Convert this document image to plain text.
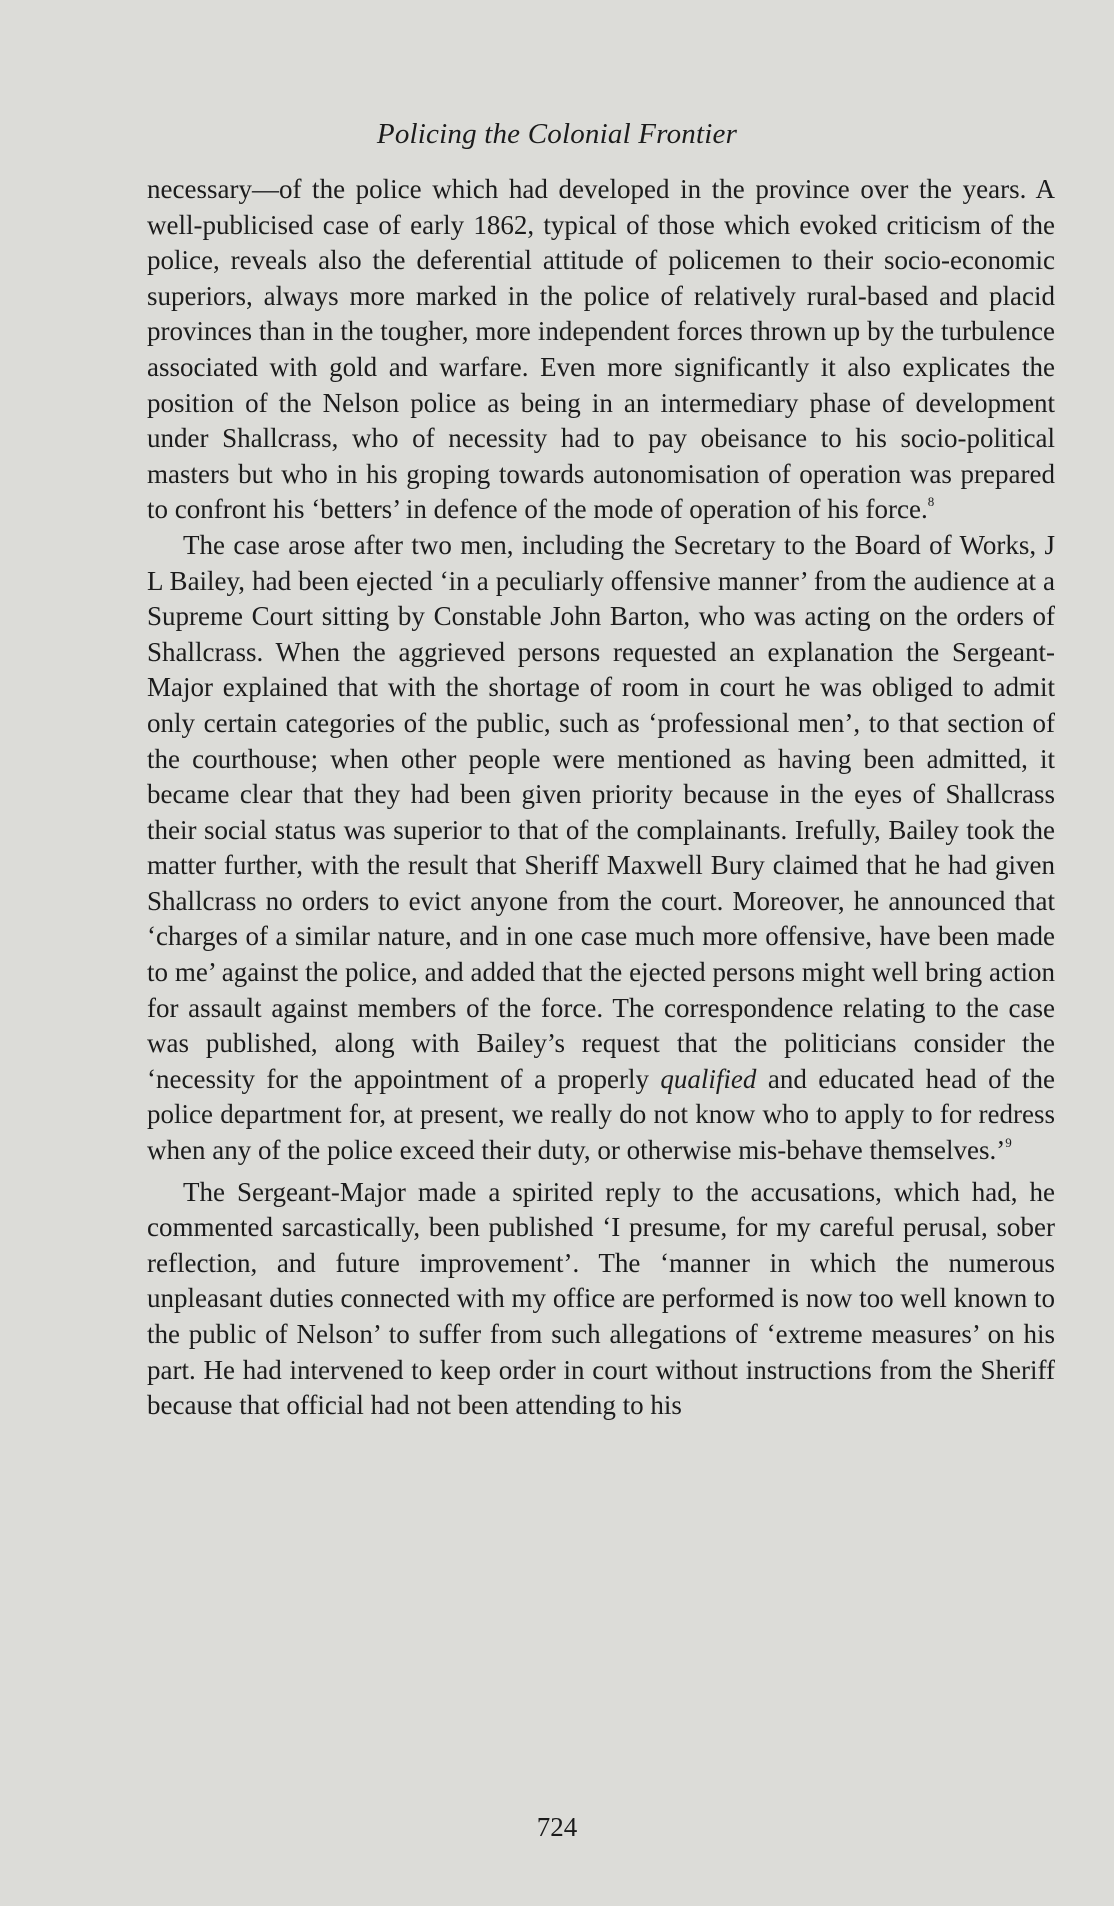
Policing the Colonial Frontier

necessary—of the police which had developed in the province over the years. A well-publicised case of early 1862, typical of those which evoked criticism of the police, reveals also the deferential attitude of policemen to their socio-economic superiors, always more marked in the police of relatively rural-based and placid provinces than in the tougher, more independent forces thrown up by the turbulence associated with gold and warfare. Even more significantly it also explicates the position of the Nelson police as being in an intermediary phase of development under Shallcrass, who of necessity had to pay obeisance to his socio-political masters but who in his groping towards autonomisation of operation was prepared to confront his ‘betters’ in defence of the mode of operation of his force.$^8$

The case arose after two men, including the Secretary to the Board of Works, J L Bailey, had been ejected ‘in a peculiarly offensive manner’ from the audience at a Supreme Court sitting by Constable John Barton, who was acting on the orders of Shallcrass. When the aggrieved persons requested an explanation the Sergeant-Major explained that with the shortage of room in court he was obliged to admit only certain categories of the public, such as ‘professional men’, to that section of the courthouse; when other people were mentioned as having been admitted, it became clear that they had been given priority because in the eyes of Shallcrass their social status was superior to that of the complainants. Irefully, Bailey took the matter further, with the result that Sheriff Maxwell Bury claimed that he had given Shallcrass no orders to evict anyone from the court. Moreover, he announced that ‘charges of a similar nature, and in one case much more offensive, have been made to me’ against the police, and added that the ejected persons might well bring action for assault against members of the force. The correspondence relating to the case was published, along with Bailey’s request that the politicians consider the ‘necessity for the appointment of a properly qualified and educated head of the police department for, at present, we really do not know who to apply to for redress when any of the police exceed their duty, or otherwise mis-behave themselves.’$^9$

The Sergeant-Major made a spirited reply to the accusations, which had, he commented sarcastically, been published ‘I presume, for my careful perusal, sober reflection, and future improvement’. The ‘manner in which the numerous unpleasant duties connected with my office are performed is now too well known to the public of Nelson’ to suffer from such allegations of ‘extreme measures’ on his part. He had intervened to keep order in court without instructions from the Sheriff because that official had not been attending to his

724
